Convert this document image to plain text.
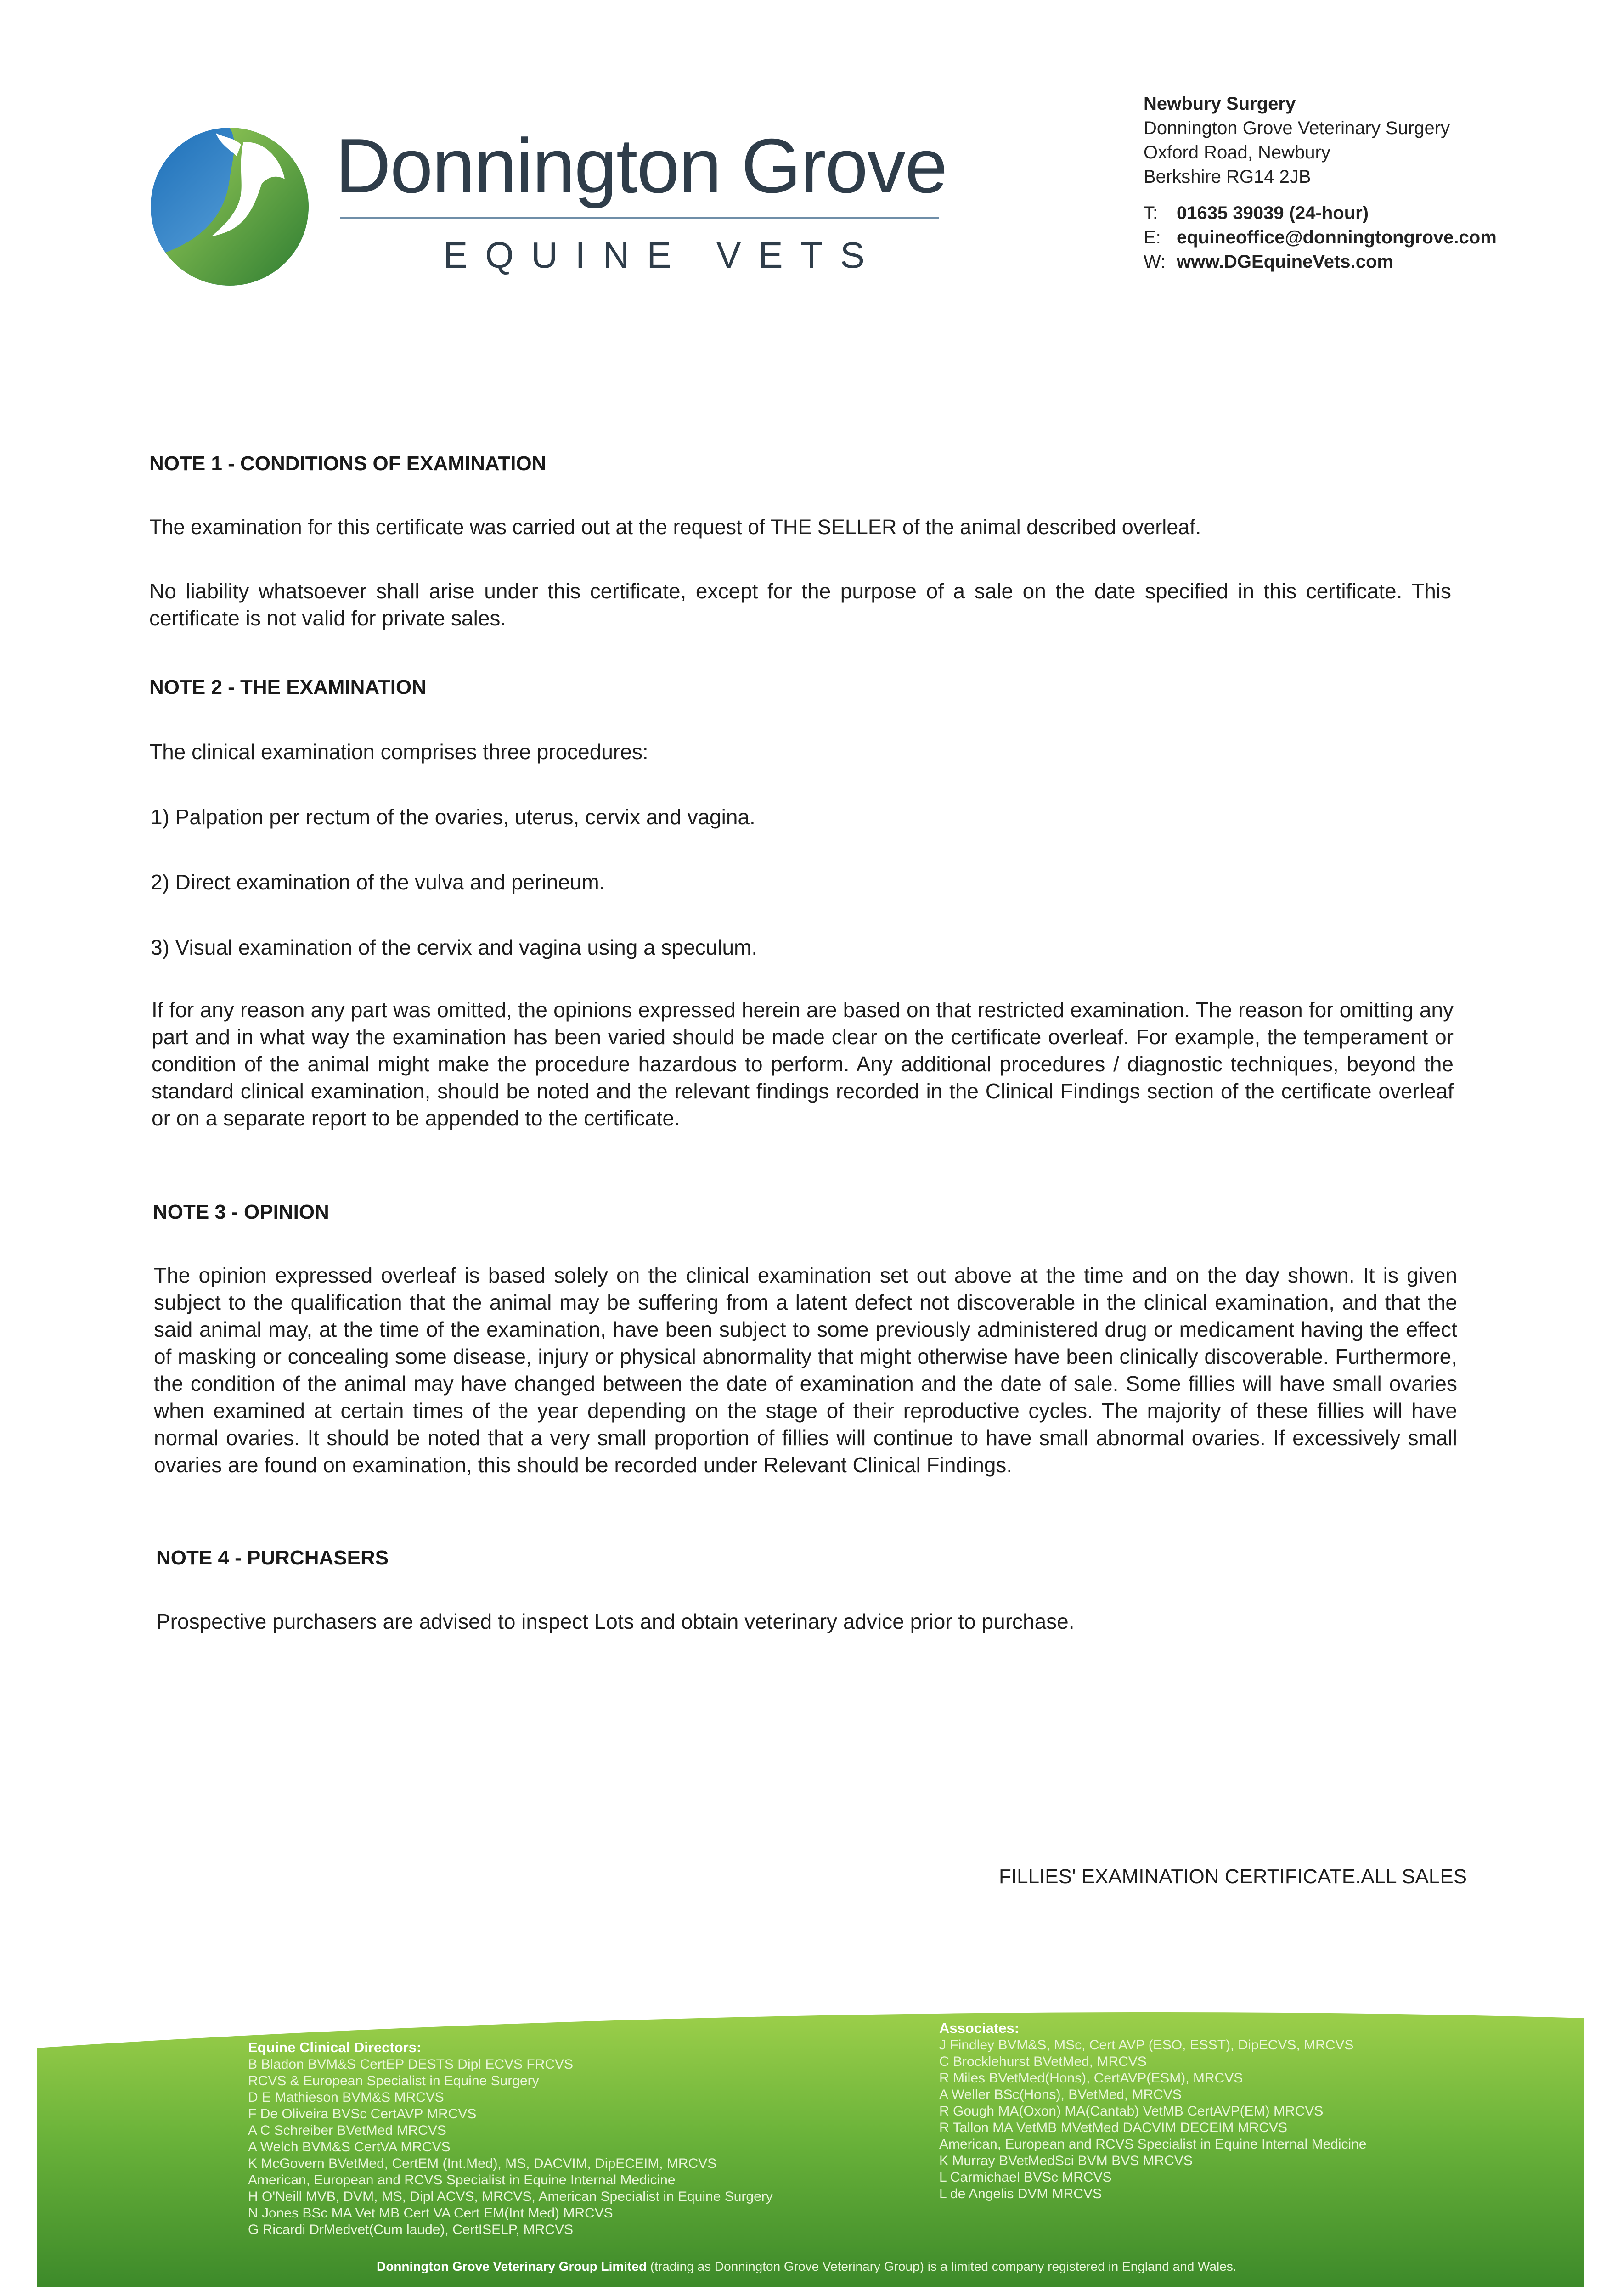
Donnington Grove
EQUINE VETS
Newbury Surgery
Donnington Grove Veterinary Surgery
Oxford Road, Newbury
Berkshire RG14 2JB
T: 01635 39039 (24-hour)
E: equineoffice@donningtongrove.com
W: www.DGEquineVets.com
NOTE 1 - CONDITIONS OF EXAMINATION
The examination for this certificate was carried out at the request of THE SELLER of the animal described overleaf.
No liability whatsoever shall arise under this certificate, except for the purpose of a sale on the date specified in this certificate. This certificate is not valid for private sales.
NOTE 2 - THE EXAMINATION
The clinical examination comprises three procedures:
1) Palpation per rectum of the ovaries, uterus, cervix and vagina.
2) Direct examination of the vulva and perineum.
3) Visual examination of the cervix and vagina using a speculum.
If for any reason any part was omitted, the opinions expressed herein are based on that restricted examination. The reason for omitting any part and in what way the examination has been varied should be made clear on the certificate overleaf. For example, the temperament or condition of the animal might make the procedure hazardous to perform. Any additional procedures / diagnostic techniques, beyond the standard clinical examination, should be noted and the relevant findings recorded in the Clinical Findings section of the certificate overleaf or on a separate report to be appended to the certificate.
NOTE 3 - OPINION
The opinion expressed overleaf is based solely on the clinical examination set out above at the time and on the day shown. It is given subject to the qualification that the animal may be suffering from a latent defect not discoverable in the clinical examination, and that the said animal may, at the time of the examination, have been subject to some previously administered drug or medicament having the effect of masking or concealing some disease, injury or physical abnormality that might otherwise have been clinically discoverable. Furthermore, the condition of the animal may have changed between the date of examination and the date of sale. Some fillies will have small ovaries when examined at certain times of the year depending on the stage of their reproductive cycles. The majority of these fillies will have normal ovaries. It should be noted that a very small proportion of fillies will continue to have small abnormal ovaries. If excessively small ovaries are found on examination, this should be recorded under Relevant Clinical Findings.
NOTE 4 - PURCHASERS
Prospective purchasers are advised to inspect Lots and obtain veterinary advice prior to purchase.
FILLIES' EXAMINATION CERTIFICATE.ALL SALES
Equine Clinical Directors:
B Bladon BVM&S CertEP DESTS Dipl ECVS FRCVS
RCVS & European Specialist in Equine Surgery
D E Mathieson BVM&S MRCVS
F De Oliveira BVSc CertAVP MRCVS
A C Schreiber BVetMed MRCVS
A Welch BVM&S CertVA MRCVS
K McGovern BVetMed, CertEM (Int.Med), MS, DACVIM, DipECEIM, MRCVS
American, European and RCVS Specialist in Equine Internal Medicine
H O'Neill MVB, DVM, MS, Dipl ACVS, MRCVS, American Specialist in Equine Surgery
N Jones BSc MA Vet MB Cert VA Cert EM(Int Med) MRCVS
G Ricardi DrMedvet(Cum laude), CertISELP, MRCVS
Associates:
J Findley BVM&S, MSc, Cert AVP (ESO, ESST), DipECVS, MRCVS
C Brocklehurst BVetMed, MRCVS
R Miles BVetMed(Hons), CertAVP(ESM), MRCVS
A Weller BSc(Hons), BVetMed, MRCVS
R Gough MA(Oxon) MA(Cantab) VetMB CertAVP(EM) MRCVS
R Tallon MA VetMB MVetMed DACVIM DECEIM MRCVS
American, European and RCVS Specialist in Equine Internal Medicine
K Murray BVetMedSci BVM BVS MRCVS
L Carmichael BVSc MRCVS
L de Angelis DVM MRCVS
Donnington Grove Veterinary Group Limited (trading as Donnington Grove Veterinary Group) is a limited company registered in England and Wales.
